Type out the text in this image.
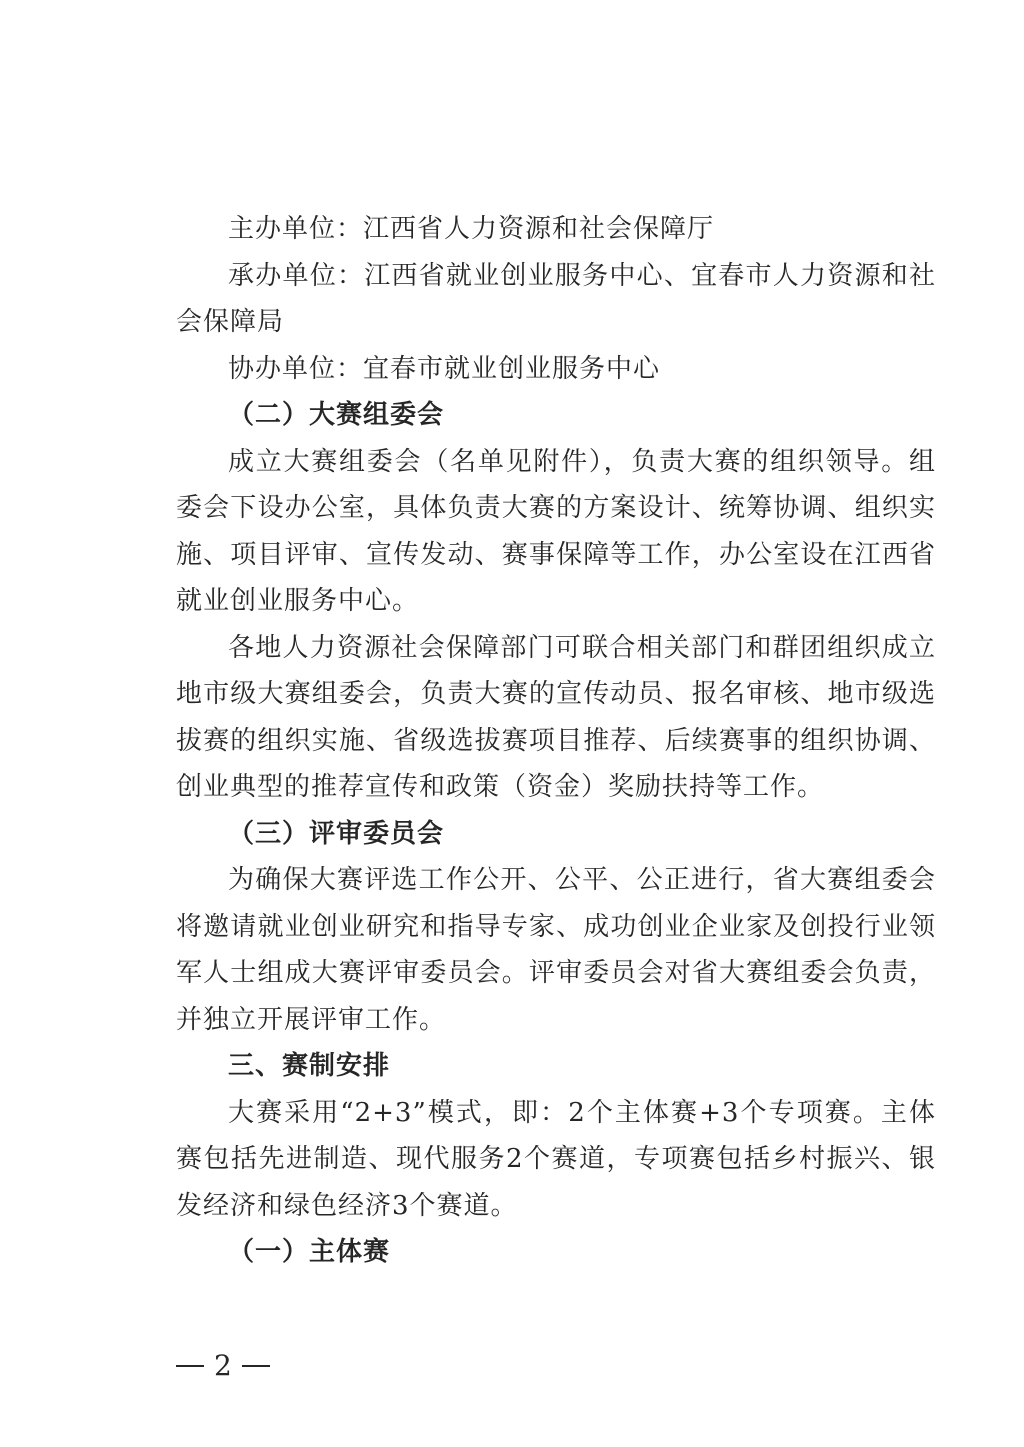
主办单位：江西省人力资源和社会保障厅

承办单位：江西省就业创业服务中心、宜春市人力资源和社会保障局

协办单位：宜春市就业创业服务中心

（二）大赛组委会

成立大赛组委会（名单见附件），负责大赛的组织领导。组委会下设办公室，具体负责大赛的方案设计、统筹协调、组织实施、项目评审、宣传发动、赛事保障等工作，办公室设在江西省就业创业服务中心。

各地人力资源社会保障部门可联合相关部门和群团组织成立地市级大赛组委会，负责大赛的宣传动员、报名审核、地市级选拔赛的组织实施、省级选拔赛项目推荐、后续赛事的组织协调、创业典型的推荐宣传和政策（资金）奖励扶持等工作。

（三）评审委员会

为确保大赛评选工作公开、公平、公正进行，省大赛组委会将邀请就业创业研究和指导专家、成功创业企业家及创投行业领军人士组成大赛评审委员会。评审委员会对省大赛组委会负责，并独立开展评审工作。

三、赛制安排

大赛采用“2+3”模式，即：2个主体赛+3个专项赛。主体赛包括先进制造、现代服务2个赛道，专项赛包括乡村振兴、银发经济和绿色经济3个赛道。

（一）主体赛

2
